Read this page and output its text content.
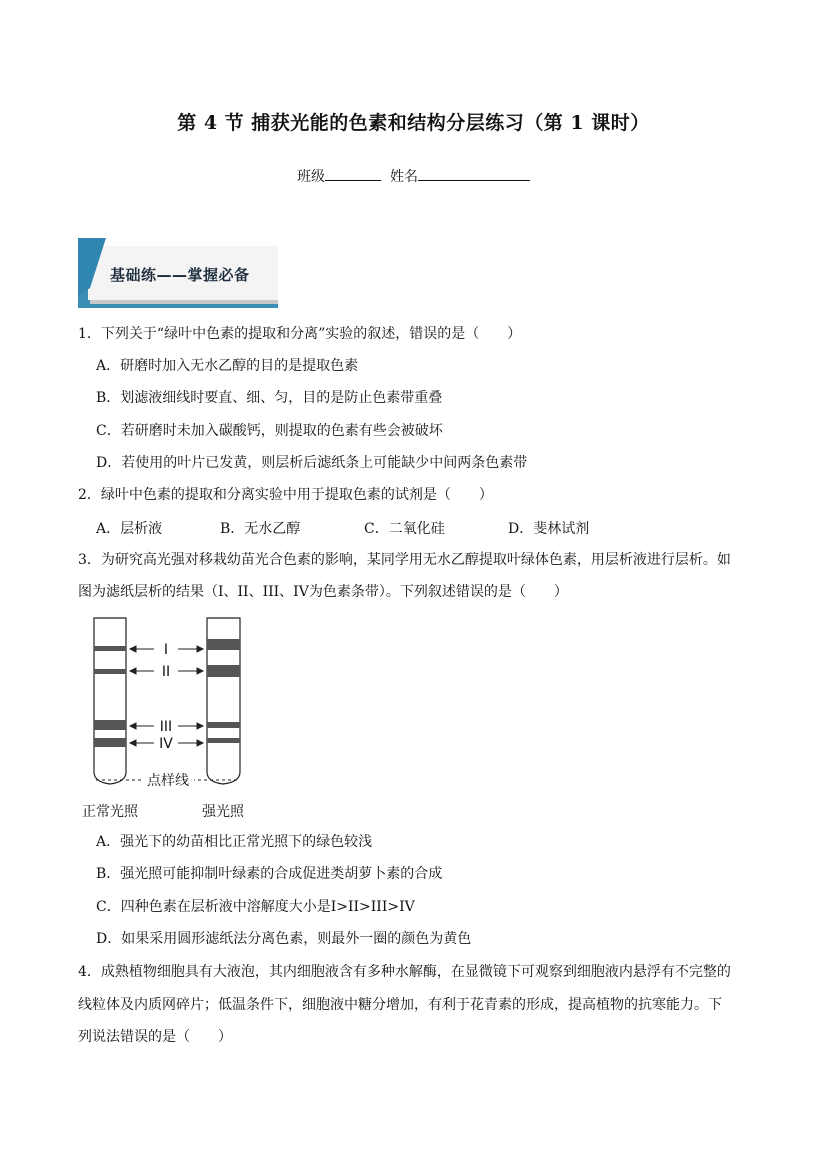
第 4 节 捕获光能的色素和结构分层练习（第 1 课时）
班级	姓名
基础练——掌握必备
1．下列关于“绿叶中色素的提取和分离”实验的叙述，错误的是（　　）
A．研磨时加入无水乙醇的目的是提取色素
B．划滤液细线时要直、细、匀，目的是防止色素带重叠
C．若研磨时未加入碳酸钙，则提取的色素有些会被破坏
D．若使用的叶片已发黄，则层析后滤纸条上可能缺少中间两条色素带
2．绿叶中色素的提取和分离实验中用于提取色素的试剂是（　　）
A．层析液	B．无水乙醇	C．二氧化硅	D．斐林试剂
3．为研究高光强对移栽幼苗光合色素的影响，某同学用无水乙醇提取叶绿体色素，用层析液进行层析。如
图为滤纸层析的结果（I、II、III、IV为色素条带）。下列叙述错误的是（　　）
I
II
III
IV
点样线
正常光照	强光照
A．强光下的幼苗相比正常光照下的绿色较浅
B．强光照可能抑制叶绿素的合成促进类胡萝卜素的合成
C．四种色素在层析液中溶解度大小是I>II>III>IV
D．如果采用圆形滤纸法分离色素，则最外一圈的颜色为黄色
4．成熟植物细胞具有大液泡，其内细胞液含有多种水解酶，在显微镜下可观察到细胞液内悬浮有不完整的
线粒体及内质网碎片；低温条件下，细胞液中糖分增加，有利于花青素的形成，提高植物的抗寒能力。下
列说法错误的是（　　）
